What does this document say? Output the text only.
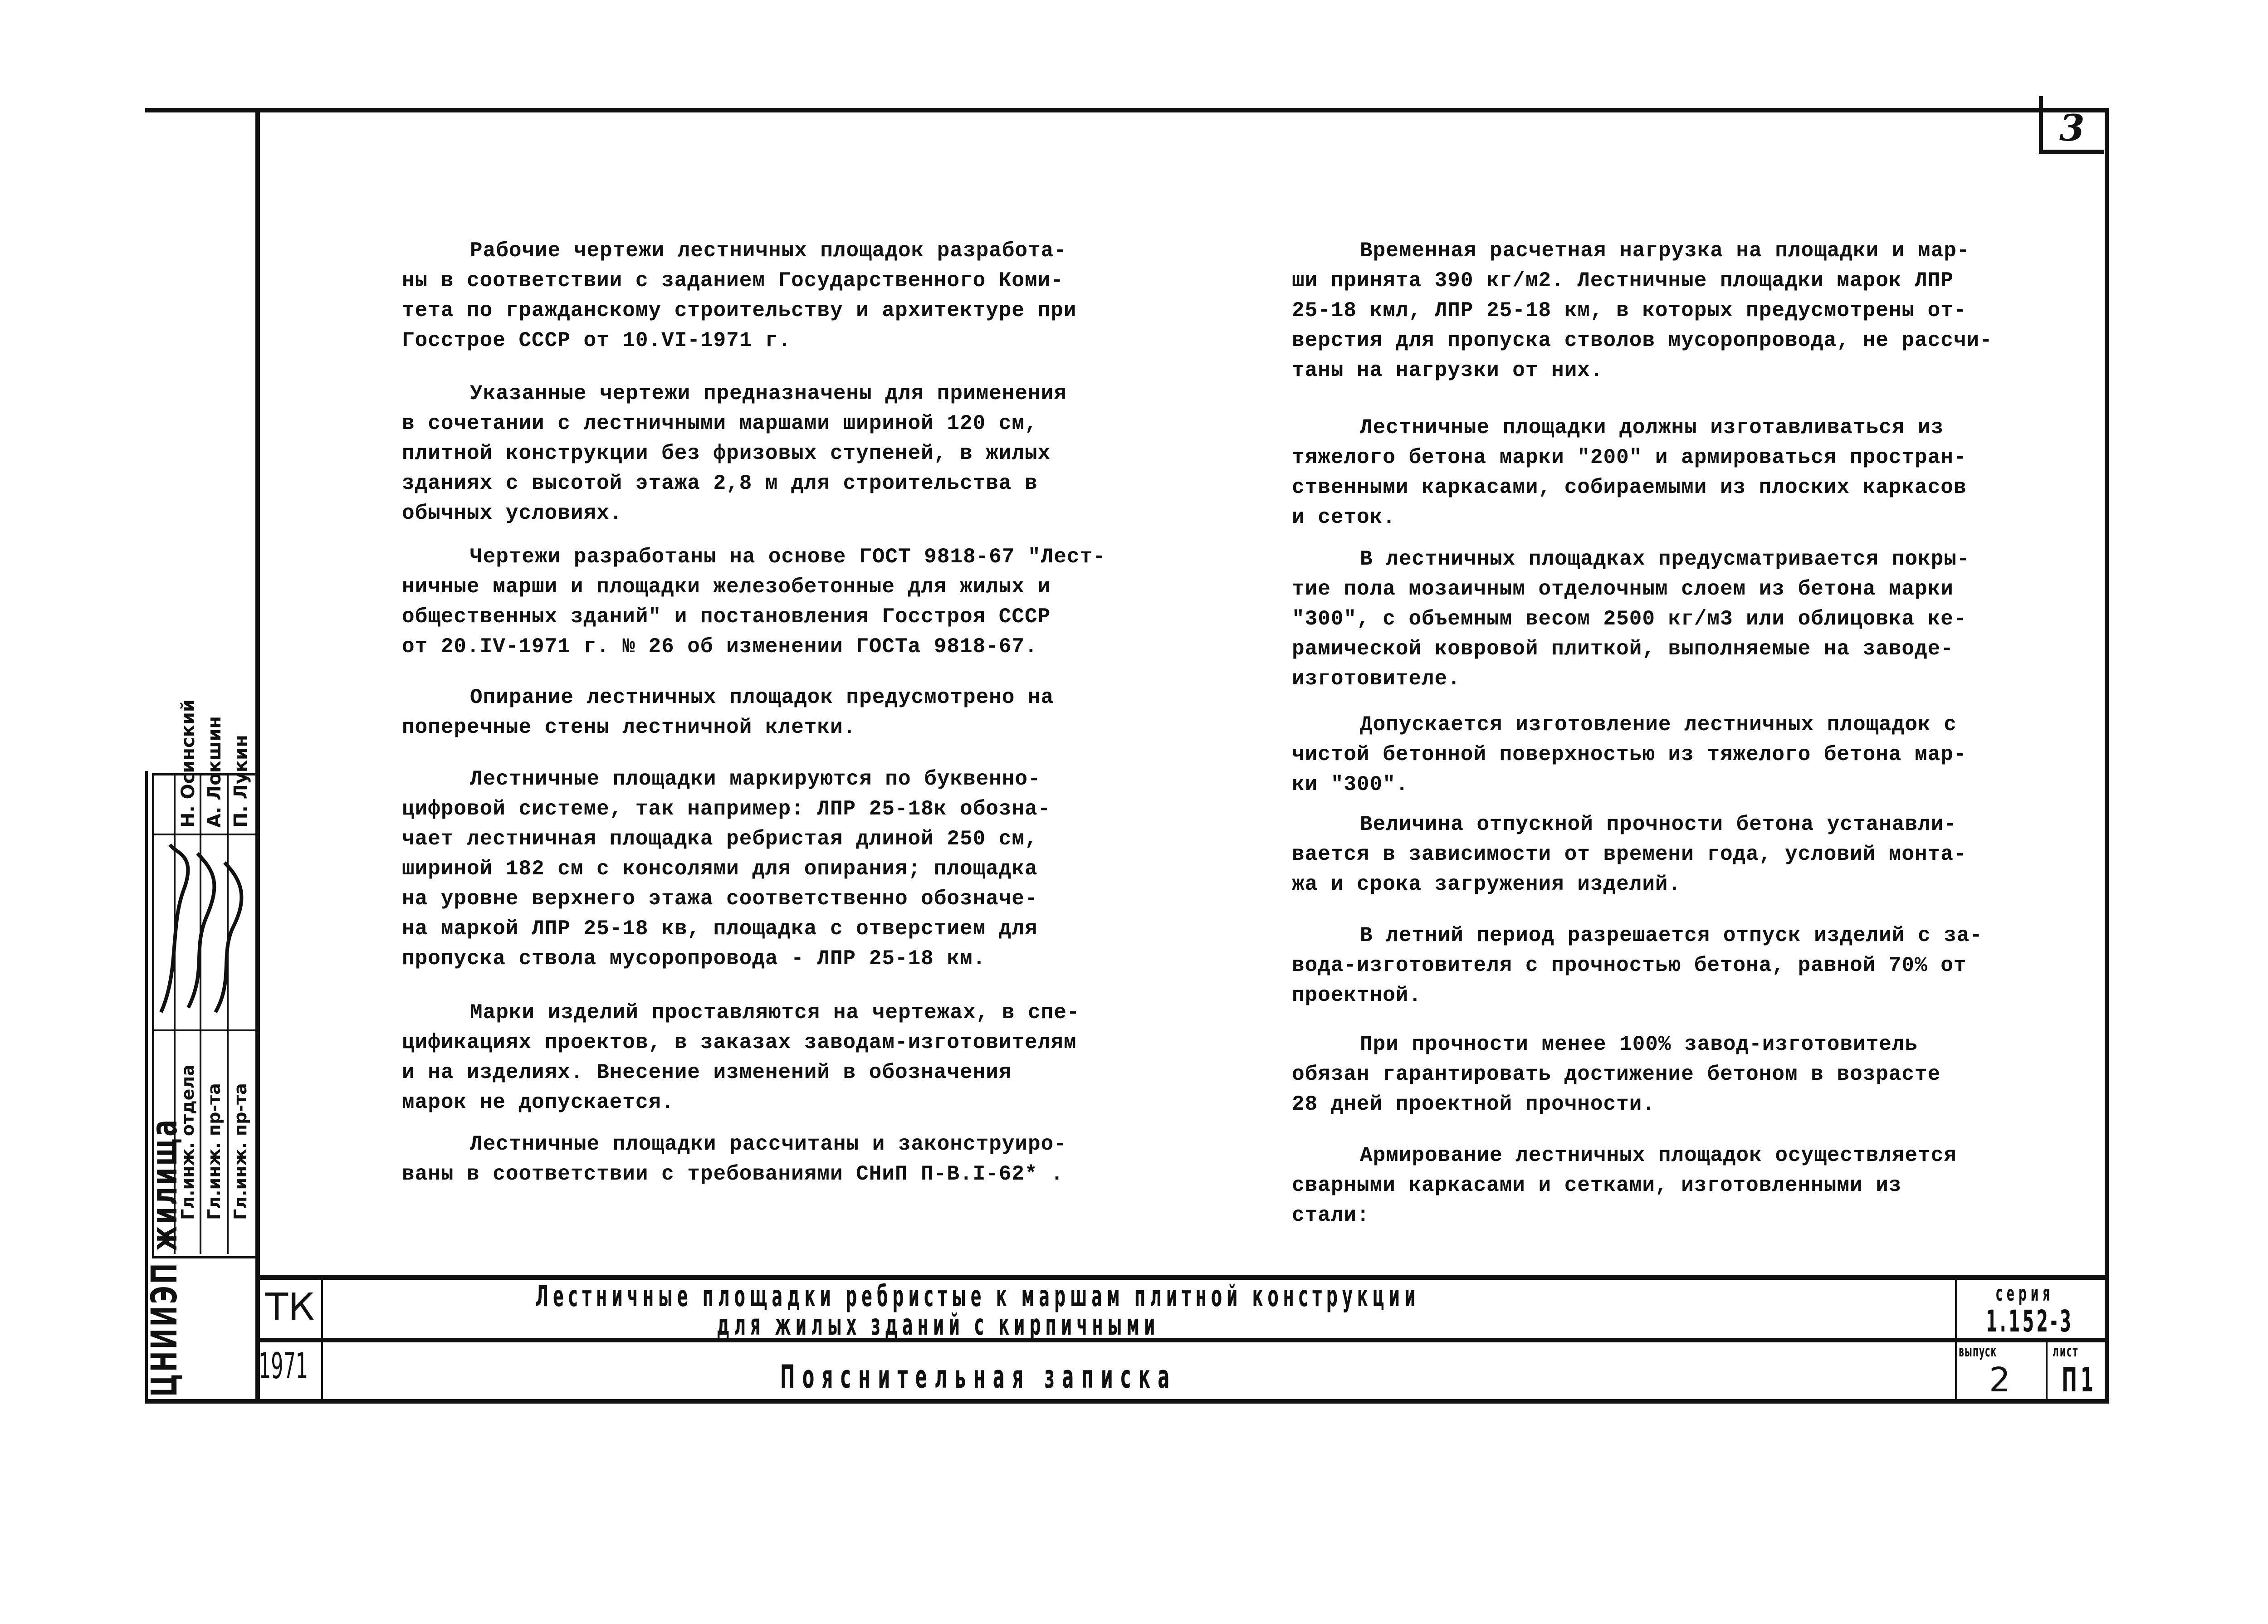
3
Рабочие чертежи лестничных площадок разработа-
ны в соответствии с заданием Государственного Коми-
тета по гражданскому строительству и архитектуре при
Госстрое СССР от 10.VI-1971 г.
Указанные чертежи предназначены для применения
в сочетании с лестничными маршами шириной 120 см,
плитной конструкции без фризовых ступеней, в жилых
зданиях с высотой этажа 2,8 м для строительства в
обычных условиях.
Чертежи разработаны на основе ГОСТ 9818-67 "Лест-
ничные марши и площадки железобетонные для жилых и
общественных зданий" и постановления Госстроя СССР
от 20.IV-1971 г. № 26 об изменении ГОСТа 9818-67.
Опирание лестничных площадок предусмотрено на
поперечные стены лестничной клетки.
Лестничные площадки маркируются по буквенно-
цифровой системе, так например: ЛПР 25-18к обозна-
чает лестничная площадка ребристая длиной 250 см,
шириной 182 см с консолями для опирания; площадка
на уровне верхнего этажа соответственно обозначе-
на маркой ЛПР 25-18 кв, площадка с отверстием для
пропуска ствола мусоропровода - ЛПР 25-18 км.
Марки изделий проставляются на чертежах, в спе-
цификациях проектов, в заказах заводам-изготовителям
и на изделиях. Внесение изменений в обозначения
марок не допускается.
Лестничные площадки рассчитаны и законструиро-
ваны в соответствии с требованиями СНиП П-В.I-62* .
Временная расчетная нагрузка на площадки и мар-
ши принята 390 кг/м2. Лестничные площадки марок ЛПР
25-18 кмл, ЛПР 25-18 км, в которых предусмотрены от-
верстия для пропуска стволов мусоропровода, не рассчи-
таны на нагрузки от них.
Лестничные площадки должны изготавливаться из
тяжелого бетона марки "200" и армироваться простран-
ственными каркасами, собираемыми из плоских каркасов
и сеток.
В лестничных площадках предусматривается покры-
тие пола мозаичным отделочным слоем из бетона марки
"300", с объемным весом 2500 кг/м3 или облицовка ке-
рамической ковровой плиткой, выполняемые на заводе-
изготовителе.
Допускается изготовление лестничных площадок с
чистой бетонной поверхностью из тяжелого бетона мар-
ки "300".
Величина отпускной прочности бетона устанавли-
вается в зависимости от времени года, условий монта-
жа и срока загружения изделий.
В летний период разрешается отпуск изделий с за-
вода-изготовителя с прочностью бетона, равной 70% от
проектной.
При прочности менее 100% завод-изготовитель
обязан гарантировать достижение бетоном в возрасте
28 дней проектной прочности.
Армирование лестничных площадок осуществляется
сварными каркасами и сетками, изготовленными из
стали:
ТК
1971
Лестничные площадки ребристые к маршам плитной конструкции
для жилых зданий с кирпичными
Пояснительная записка
серия
1.152-3
выпуск
2
лист
П1
Н. Осинский А. Локшин П. Лукин
Гл.инж. отдела Гл.инж. пр-та Гл.инж. пр-та
ЦНИИЭП жилища
